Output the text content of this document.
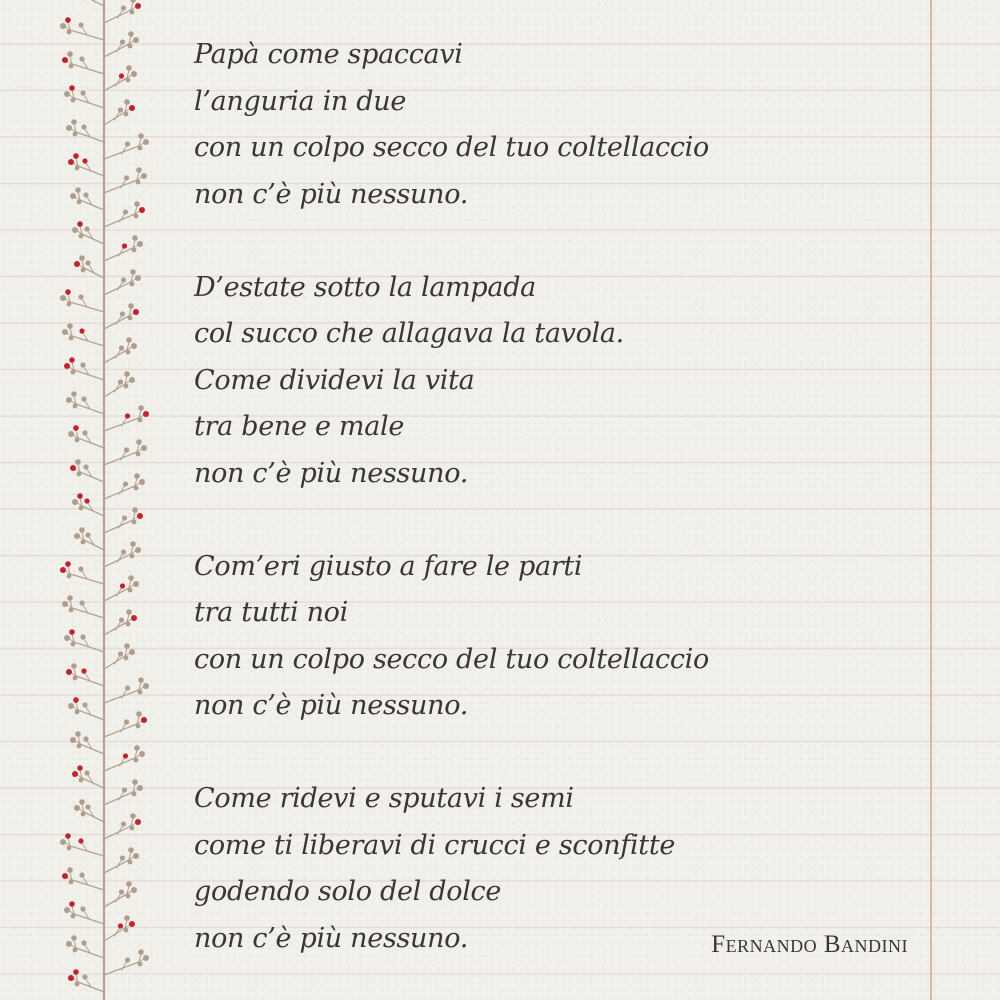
Papà come spaccavi
l’anguria in due
con un colpo secco del tuo coltellaccio
non c’è più nessuno.
D’estate sotto la lampada
col succo che allagava la tavola.
Come dividevi la vita
tra bene e male
non c’è più nessuno.
Com’eri giusto a fare le parti
tra tutti noi
con un colpo secco del tuo coltellaccio
non c’è più nessuno.
Come ridevi e sputavi i semi
come ti liberavi di crucci e sconfitte
godendo solo del dolce
non c’è più nessuno.	Fernando Bandini
